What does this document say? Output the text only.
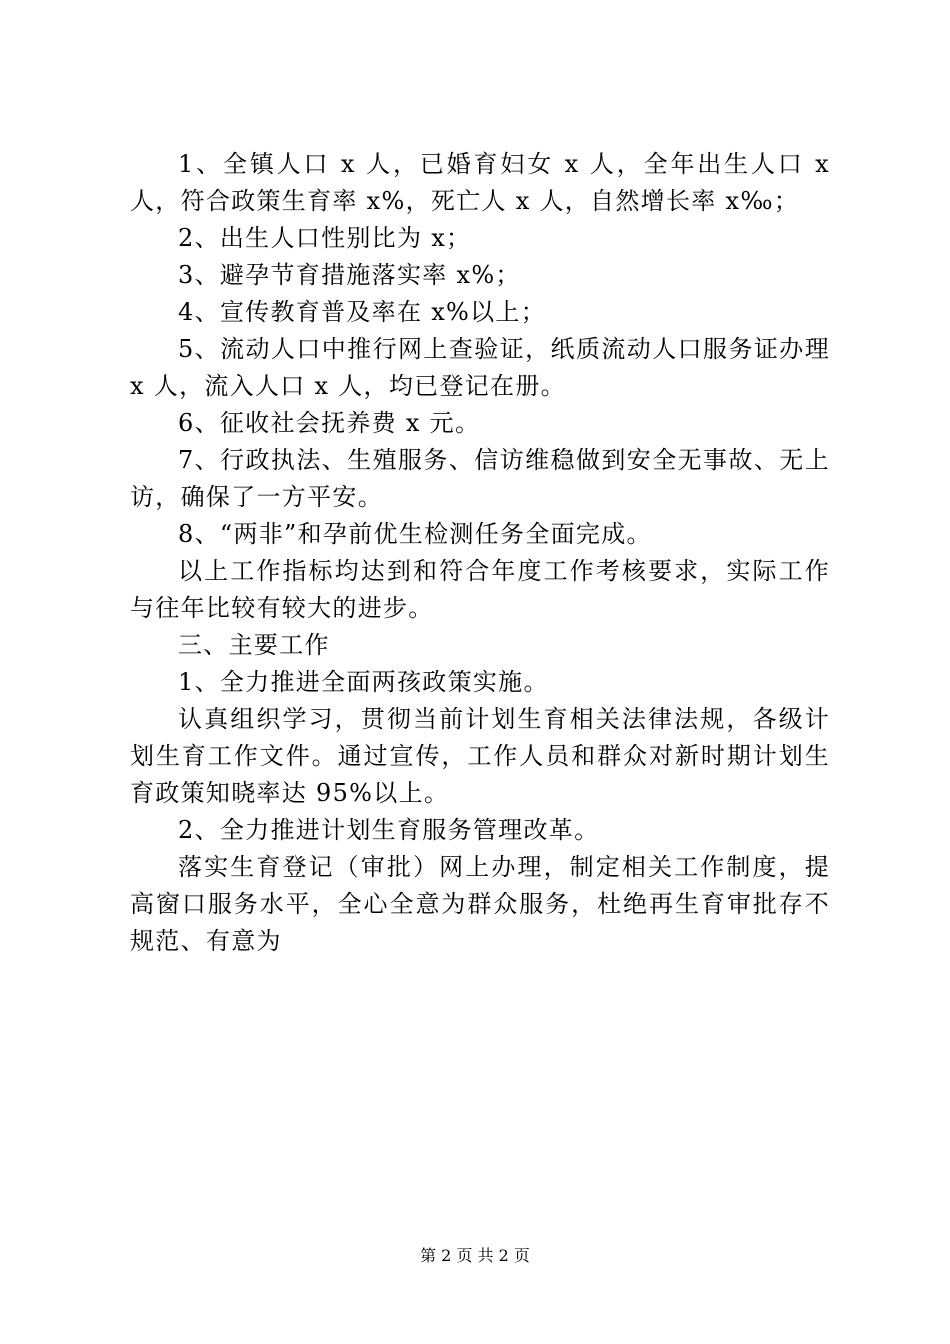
1、全镇人口 x 人，已婚育妇女 x 人，全年出生人口 x 人，符合政策生育率 x%，死亡人 x 人，自然增长率 x‰；

2、出生人口性别比为 x；

3、避孕节育措施落实率 x%；

4、宣传教育普及率在 x%以上；

5、流动人口中推行网上查验证，纸质流动人口服务证办理 x 人，流入人口 x 人，均已登记在册。

6、征收社会抚养费 x 元。

7、行政执法、生殖服务、信访维稳做到安全无事故、无上访，确保了一方平安。

8、“两非”和孕前优生检测任务全面完成。

以上工作指标均达到和符合年度工作考核要求，实际工作与往年比较有较大的进步。

三、主要工作

1、全力推进全面两孩政策实施。

认真组织学习，贯彻当前计划生育相关法律法规，各级计划生育工作文件。通过宣传，工作人员和群众对新时期计划生育政策知晓率达 95%以上。

2、全力推进计划生育服务管理改革。

落实生育登记（审批）网上办理，制定相关工作制度，提高窗口服务水平，全心全意为群众服务，杜绝再生育审批存不规范、有意为

第 2 页 共 2 页
